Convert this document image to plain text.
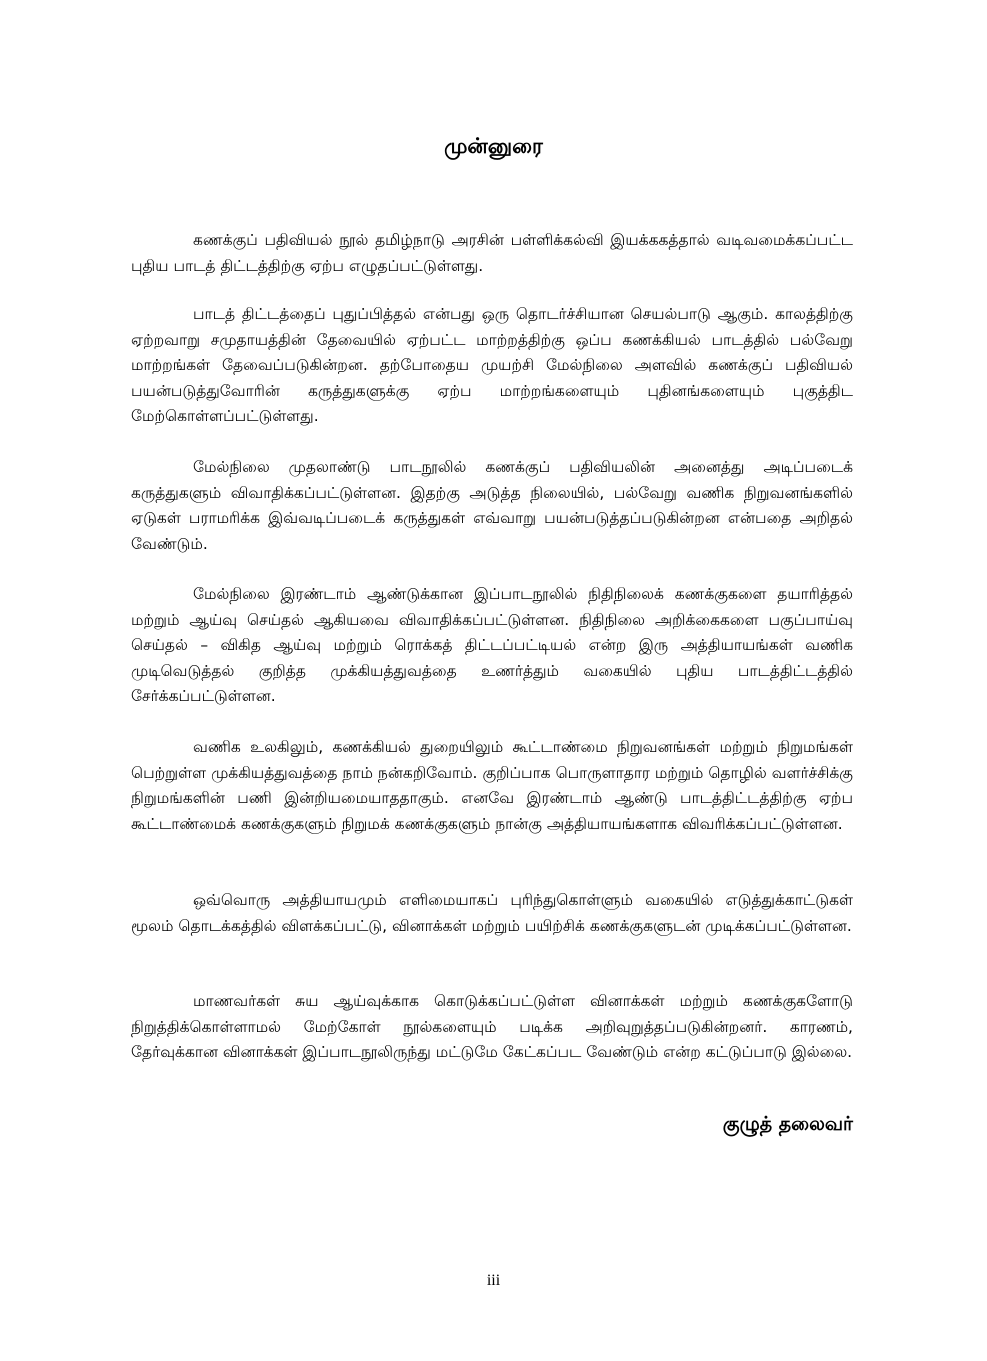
முன்னுரை

கணக்குப் பதிவியல் நூல் தமிழ்நாடு அரசின் பள்ளிக்கல்வி இயக்ககத்தால் வடிவமைக்கப்பட்ட புதிய பாடத் திட்டத்திற்கு ஏற்ப எழுதப்பட்டுள்ளது.

பாடத் திட்டத்தைப் புதுப்பித்தல் என்பது ஒரு தொடர்ச்சியான செயல்பாடு ஆகும். காலத்திற்கு ஏற்றவாறு சமுதாயத்தின் தேவையில் ஏற்பட்ட மாற்றத்திற்கு ஒப்ப கணக்கியல் பாடத்தில் பல்வேறு மாற்றங்கள் தேவைப்படுகின்றன. தற்போதைய முயற்சி மேல்நிலை அளவில் கணக்குப் பதிவியல் பயன்படுத்துவோரின் கருத்துகளுக்கு ஏற்ப மாற்றங்களையும் புதினங்களையும் புகுத்திட மேற்கொள்ளப்பட்டுள்ளது.

மேல்நிலை முதலாண்டு பாடநூலில் கணக்குப் பதிவியலின் அனைத்து அடிப்படைக் கருத்துகளும் விவாதிக்கப்பட்டுள்ளன. இதற்கு அடுத்த நிலையில், பல்வேறு வணிக நிறுவனங்களில் ஏடுகள் பராமரிக்க இவ்வடிப்படைக் கருத்துகள் எவ்வாறு பயன்படுத்தப்படுகின்றன என்பதை அறிதல் வேண்டும்.

மேல்நிலை இரண்டாம் ஆண்டுக்கான இப்பாடநூலில் நிதிநிலைக் கணக்குகளை தயாரித்தல் மற்றும் ஆய்வு செய்தல் ஆகியவை விவாதிக்கப்பட்டுள்ளன. நிதிநிலை அறிக்கைகளை பகுப்பாய்வு செய்தல் – விகித ஆய்வு மற்றும் ரொக்கத் திட்டப்பட்டியல் என்ற இரு அத்தியாயங்கள் வணிக முடிவெடுத்தல் குறித்த முக்கியத்துவத்தை உணர்த்தும் வகையில் புதிய பாடத்திட்டத்தில் சேர்க்கப்பட்டுள்ளன.

வணிக உலகிலும், கணக்கியல் துறையிலும் கூட்டாண்மை நிறுவனங்கள் மற்றும் நிறுமங்கள் பெற்றுள்ள முக்கியத்துவத்தை நாம் நன்கறிவோம். குறிப்பாக பொருளாதார மற்றும் தொழில் வளர்ச்சிக்கு நிறுமங்களின் பணி இன்றியமையாததாகும். எனவே இரண்டாம் ஆண்டு பாடத்திட்டத்திற்கு ஏற்ப கூட்டாண்மைக் கணக்குகளும் நிறுமக் கணக்குகளும் நான்கு அத்தியாயங்களாக விவரிக்கப்பட்டுள்ளன.

ஒவ்வொரு அத்தியாயமும் எளிமையாகப் புரிந்துகொள்ளும் வகையில் எடுத்துக்காட்டுகள் மூலம் தொடக்கத்தில் விளக்கப்பட்டு, வினாக்கள் மற்றும் பயிற்சிக் கணக்குகளுடன் முடிக்கப்பட்டுள்ளன.

மாணவர்கள் சுய ஆய்வுக்காக கொடுக்கப்பட்டுள்ள வினாக்கள் மற்றும் கணக்குகளோடு நிறுத்திக்கொள்ளாமல் மேற்கோள் நூல்களையும் படிக்க அறிவுறுத்தப்படுகின்றனர். காரணம், தேர்வுக்கான வினாக்கள் இப்பாடநூலிருந்து மட்டுமே கேட்கப்பட வேண்டும் என்ற கட்டுப்பாடு இல்லை.

குழுத் தலைவர்

iii
